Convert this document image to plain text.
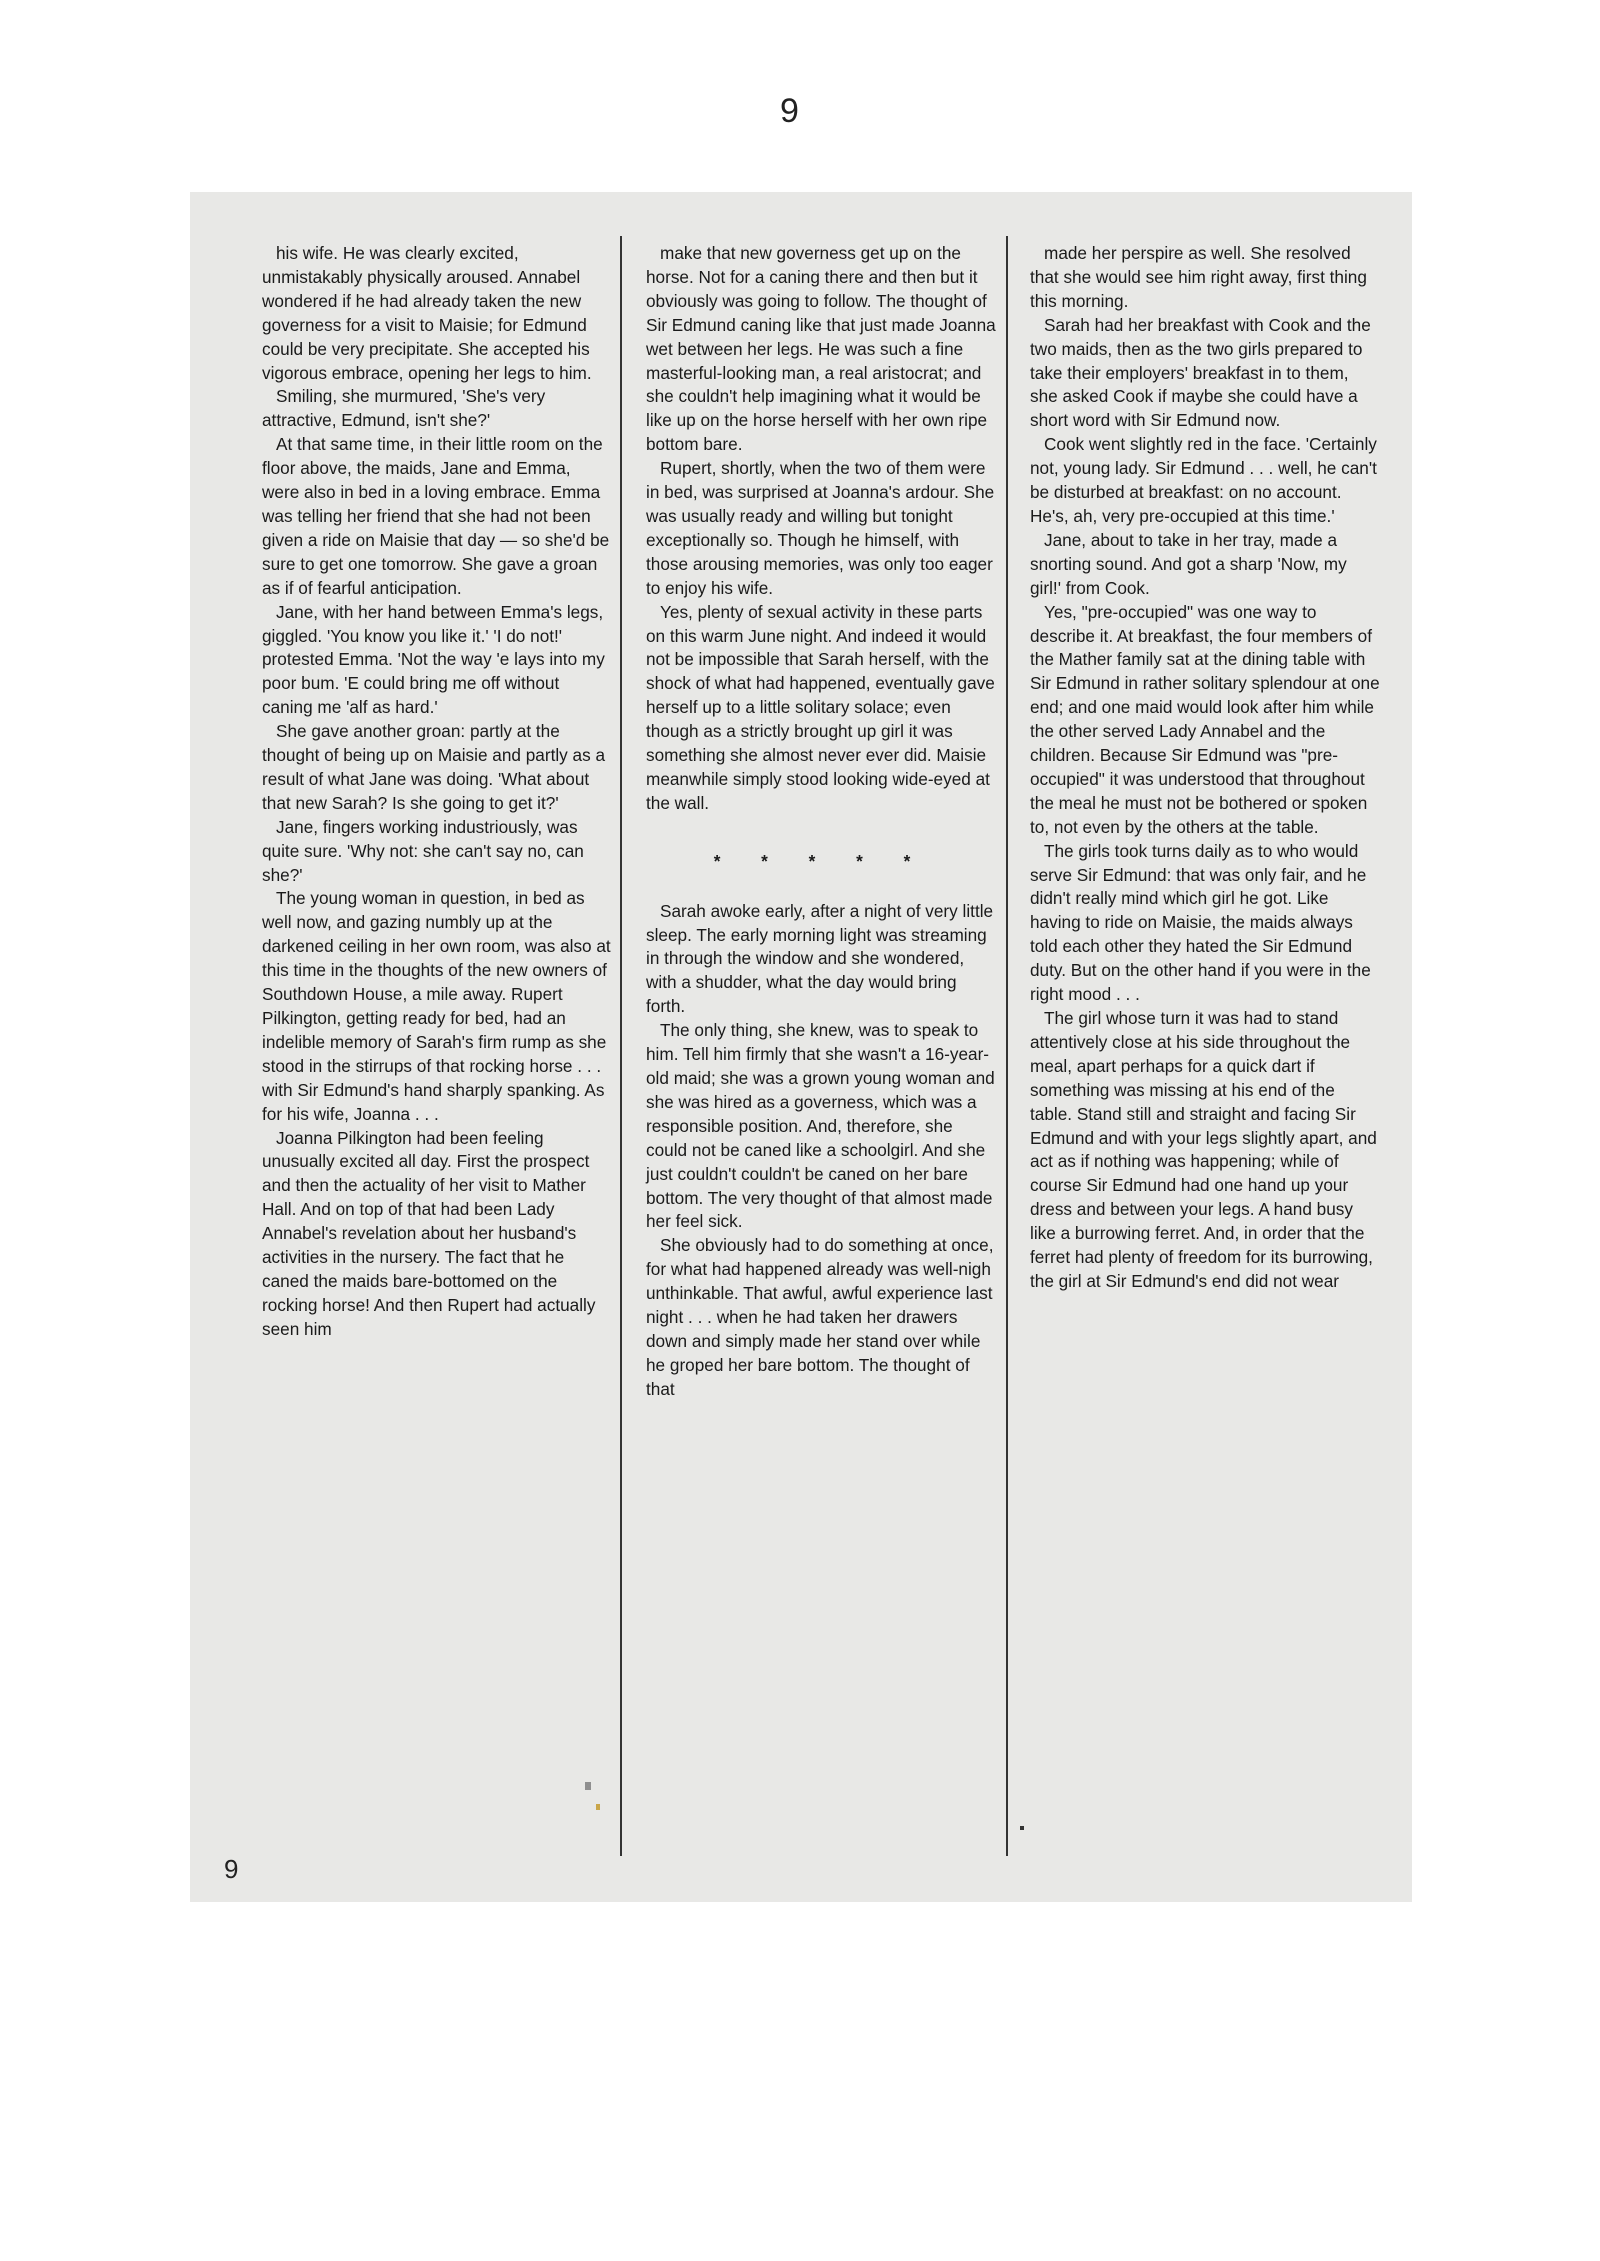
9

his wife. He was clearly excited, unmistakably physically aroused. Annabel wondered if he had already taken the new governess for a visit to Maisie; for Edmund could be very precipitate. She accepted his vigorous embrace, opening her legs to him.

Smiling, she murmured, 'She's very attractive, Edmund, isn't she?'

At that same time, in their little room on the floor above, the maids, Jane and Emma, were also in bed in a loving embrace. Emma was telling her friend that she had not been given a ride on Maisie that day — so she'd be sure to get one tomorrow. She gave a groan as if of fearful anticipation.

Jane, with her hand between Emma's legs, giggled. 'You know you like it.' 'I do not!' protested Emma. 'Not the way 'e lays into my poor bum. 'E could bring me off without caning me 'alf as hard.'

She gave another groan: partly at the thought of being up on Maisie and partly as a result of what Jane was doing. 'What about that new Sarah? Is she going to get it?'

Jane, fingers working industriously, was quite sure. 'Why not: she can't say no, can she?'

The young woman in question, in bed as well now, and gazing numbly up at the darkened ceiling in her own room, was also at this time in the thoughts of the new owners of Southdown House, a mile away. Rupert Pilkington, getting ready for bed, had an indelible memory of Sarah's firm rump as she stood in the stirrups of that rocking horse . . . with Sir Edmund's hand sharply spanking. As for his wife, Joanna . . .

Joanna Pilkington had been feeling unusually excited all day. First the prospect and then the actuality of her visit to Mather Hall. And on top of that had been Lady Annabel's revelation about her husband's activities in the nursery. The fact that he caned the maids bare-bottomed on the rocking horse! And then Rupert had actually seen him

make that new governess get up on the horse. Not for a caning there and then but it obviously was going to follow. The thought of Sir Edmund caning like that just made Joanna wet between her legs. He was such a fine masterful-looking man, a real aristocrat; and she couldn't help imagining what it would be like up on the horse herself with her own ripe bottom bare.

Rupert, shortly, when the two of them were in bed, was surprised at Joanna's ardour. She was usually ready and willing but tonight exceptionally so. Though he himself, with those arousing memories, was only too eager to enjoy his wife.

Yes, plenty of sexual activity in these parts on this warm June night. And indeed it would not be impossible that Sarah herself, with the shock of what had happened, eventually gave herself up to a little solitary solace; even though as a strictly brought up girl it was something she almost never ever did. Maisie meanwhile simply stood looking wide-eyed at the wall.

* * * * *

Sarah awoke early, after a night of very little sleep. The early morning light was streaming in through the window and she wondered, with a shudder, what the day would bring forth.

The only thing, she knew, was to speak to him. Tell him firmly that she wasn't a 16-year-old maid; she was a grown young woman and she was hired as a governess, which was a responsible position. And, therefore, she could not be caned like a schoolgirl. And she just couldn't couldn't be caned on her bare bottom. The very thought of that almost made her feel sick.

She obviously had to do something at once, for what had happened already was well-nigh unthinkable. That awful, awful experience last night . . . when he had taken her drawers down and simply made her stand over while he groped her bare bottom. The thought of that

made her perspire as well. She resolved that she would see him right away, first thing this morning.

Sarah had her breakfast with Cook and the two maids, then as the two girls prepared to take their employers' breakfast in to them, she asked Cook if maybe she could have a short word with Sir Edmund now.

Cook went slightly red in the face. 'Certainly not, young lady. Sir Edmund . . . well, he can't be disturbed at breakfast: on no account. He's, ah, very pre-occupied at this time.'

Jane, about to take in her tray, made a snorting sound. And got a sharp 'Now, my girl!' from Cook.

Yes, "pre-occupied" was one way to describe it. At breakfast, the four members of the Mather family sat at the dining table with Sir Edmund in rather solitary splendour at one end; and one maid would look after him while the other served Lady Annabel and the children. Because Sir Edmund was "pre-occupied" it was understood that throughout the meal he must not be bothered or spoken to, not even by the others at the table.

The girls took turns daily as to who would serve Sir Edmund: that was only fair, and he didn't really mind which girl he got. Like having to ride on Maisie, the maids always told each other they hated the Sir Edmund duty. But on the other hand if you were in the right mood . . .

The girl whose turn it was had to stand attentively close at his side throughout the meal, apart perhaps for a quick dart if something was missing at his end of the table. Stand still and straight and facing Sir Edmund and with your legs slightly apart, and act as if nothing was happening; while of course Sir Edmund had one hand up your dress and between your legs. A hand busy like a burrowing ferret. And, in order that the ferret had plenty of freedom for its burrowing, the girl at Sir Edmund's end did not wear

9
